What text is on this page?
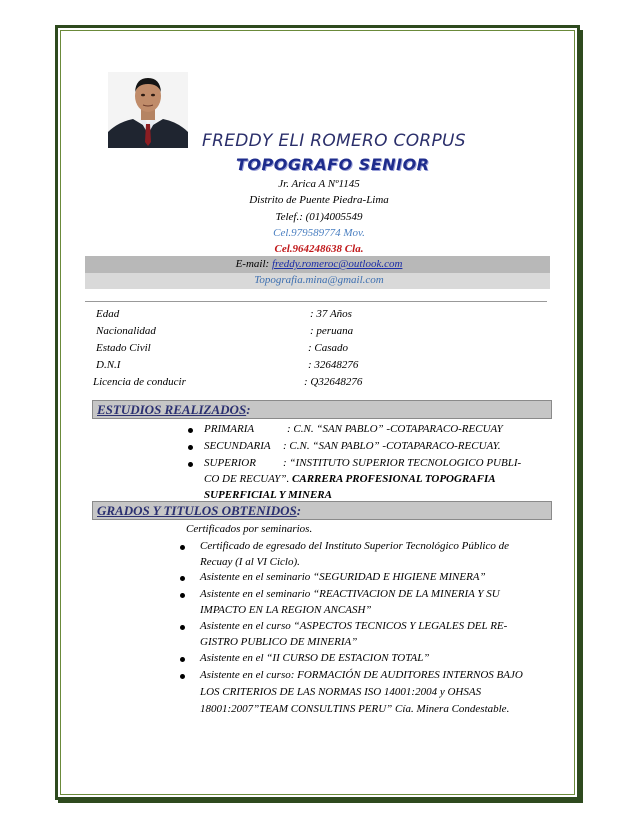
FREDDY ELI ROMERO CORPUS
TOPOGRAFO SENIOR
Jr. Arica A Nº1145
Distrito de Puente Piedra-Lima
Telef.: (01)4005549
Cel.979589774 Mov.
Cel.964248638 Cla.
E-mail: freddy.romeroc@outlook.com
Topografia.mina@gmail.com
Edad	: 37 Años
Nacionalidad	: peruana
Estado Civil	: Casado
D.N.I	: 32648276
Licencia de conducir	: Q32648276
ESTUDIOS REALIZADOS:
PRIMARIA	: C.N. “SAN PABLO” -COTAPARACO-RECUAY
SECUNDARIA : C.N. “SAN PABLO” -COTAPARACO-RECUAY.
SUPERIOR : “INSTITUTO SUPERIOR TECNOLOGICO PUBLI-
CO DE RECUAY”. CARRERA PROFESIONAL TOPOGRAFIA
SUPERFICIAL Y MINERA
GRADOS Y TITULOS OBTENIDOS:
Certificados por seminarios.
Certificado de egresado del Instituto Superior Tecnológico Público de
Recuay (I al VI Ciclo).
Asistente en el seminario “SEGURIDAD E HIGIENE MINERA”
Asistente en el seminario “REACTIVACION DE LA MINERIA Y SU
IMPACTO EN LA REGION ANCASH”
Asistente en el curso “ASPECTOS TECNICOS Y LEGALES DEL RE-
GISTRO PUBLICO DE MINERIA”
Asistente en el “II CURSO DE ESTACION TOTAL”
Asistente en el curso: FORMACIÓN DE AUDITORES INTERNOS BAJO
LOS CRITERIOS DE LAS NORMAS ISO 14001:2004 y OHSAS
18001:2007”TEAM CONSULTINS PERU” Cía. Minera Condestable.
